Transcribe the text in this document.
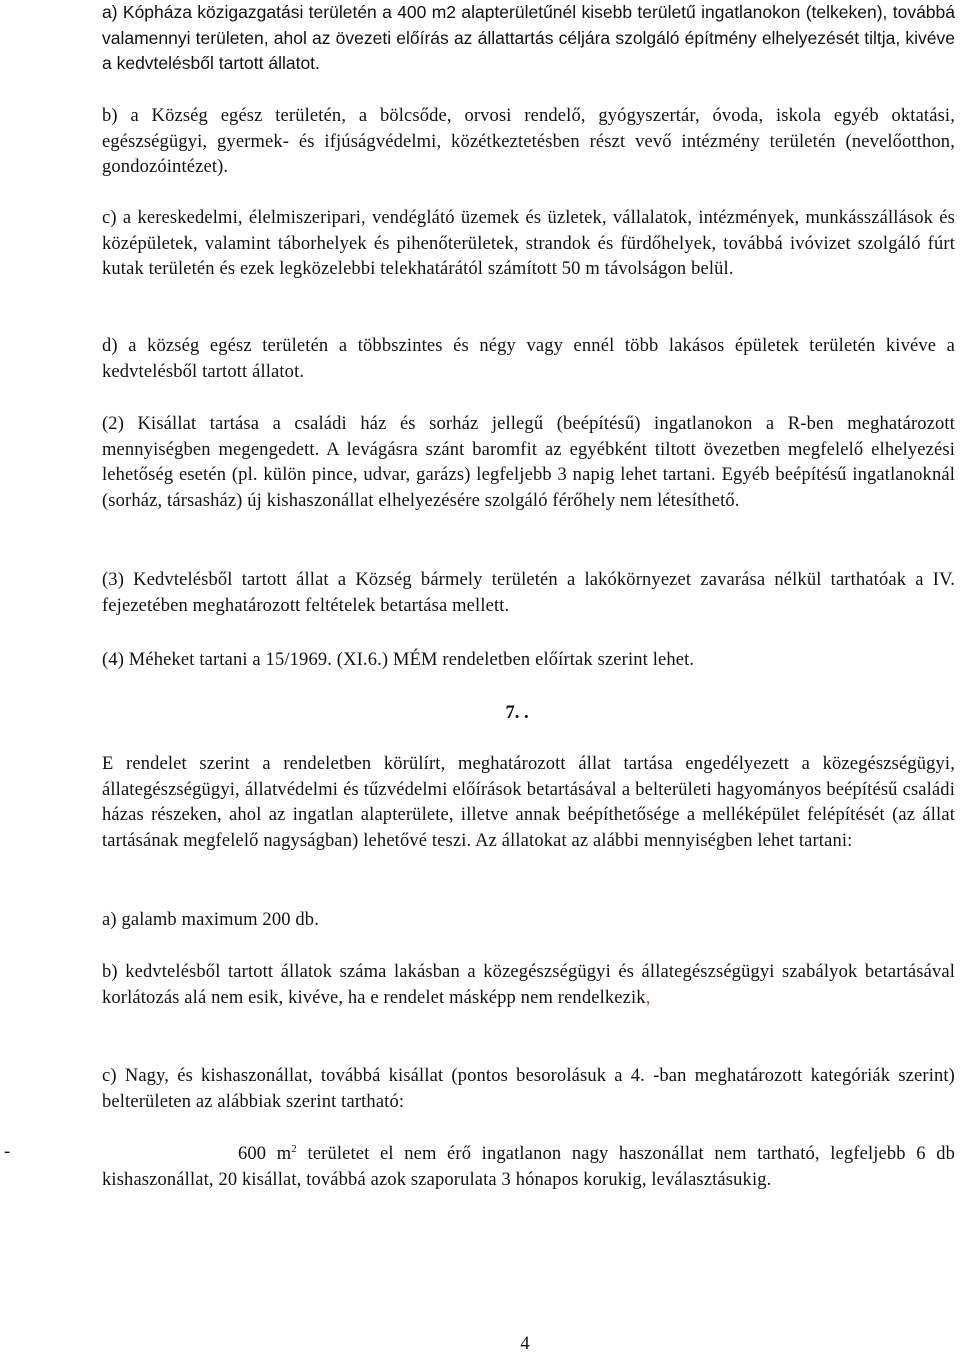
a) Kópháza közigazgatási területén a 400 m2 alapterületűnél kisebb területű ingatlanokon (telkeken), továbbá valamennyi területen, ahol az övezeti előírás az állattartás céljára szolgáló építmény elhelyezését tiltja, kivéve a kedvtelésből tartott állatot.

b) a Község egész területén, a bölcsőde, orvosi rendelő, gyógyszertár, óvoda, iskola egyéb oktatási, egészségügyi, gyermek- és ifjúságvédelmi, közétkeztetésben részt vevő intézmény területén (nevelőotthon, gondozóintézet).

c) a kereskedelmi, élelmiszeripari, vendéglátó üzemek és üzletek, vállalatok, intézmények, munkásszállások és középületek, valamint táborhelyek és pihenőterületek, strandok és fürdőhelyek, továbbá ivóvizet szolgáló fúrt kutak területén és ezek legközelebbi telekhatárától számított 50 m távolságon belül.

d) a község egész területén a többszintes és négy vagy ennél több lakásos épületek területén kivéve a kedvtelésből tartott állatot.

(2) Kisállat tartása a családi ház és sorház jellegű (beépítésű) ingatlanokon a R-ben meghatározott mennyiségben megengedett. A levágásra szánt baromfit az egyébként tiltott övezetben megfelelő elhelyezési lehetőség esetén (pl. külön pince, udvar, garázs) legfeljebb 3 napig lehet tartani. Egyéb beépítésű ingatlanoknál (sorház, társasház) új kishaszonállat elhelyezésére szolgáló férőhely nem létesíthető.

(3) Kedvtelésből tartott állat a Község bármely területén a lakókörnyezet zavarása nélkül tarthatóak a IV. fejezetében meghatározott feltételek betartása mellett.

(4) Méheket tartani a 15/1969. (XI.6.) MÉM rendeletben előírtak szerint lehet.

7. .

E rendelet szerint a rendeletben körülírt, meghatározott állat tartása engedélyezett a közegészségügyi, állategészségügyi, állatvédelmi és tűzvédelmi előírások betartásával a belterületi hagyományos beépítésű családi házas részeken, ahol az ingatlan alapterülete, illetve annak beépíthetősége a melléképület felépítését (az állat tartásának megfelelő nagyságban) lehetővé teszi. Az állatokat az alábbi mennyiségben lehet tartani:

a) galamb maximum 200 db.

b) kedvtelésből tartott állatok száma lakásban a közegészségügyi és állategészségügyi szabályok betartásával korlátozás alá nem esik, kivéve, ha e rendelet másképp nem rendelkezik,

c) Nagy, és kishaszonállat, továbbá kisállat (pontos besorolásuk a 4. -ban meghatározott kategóriák szerint) belterületen az alábbiak szerint tartható:

-	600 $m^2$ területet el nem érő ingatlanon nagy haszonállat nem tartható, legfeljebb 6 db kishaszonállat, 20 kisállat, továbbá azok szaporulata 3 hónapos korukig, leválasztásukig.

4
